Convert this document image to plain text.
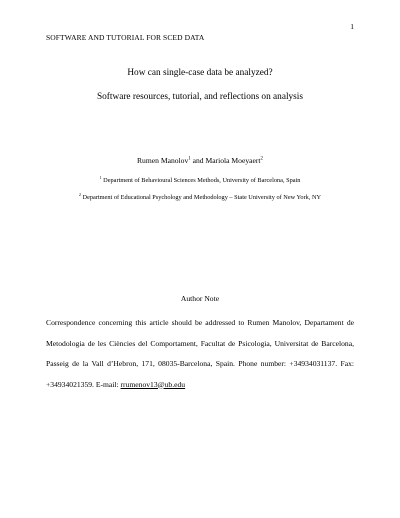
1
SOFTWARE AND TUTORIAL FOR SCED DATA
How can single-case data be analyzed?
Software resources, tutorial, and reflections on analysis
Rumen Manolov$^1$ and Mariola Moeyaert$^2$
$^1$ Department of Behavioural Sciences Methods, University of Barcelona, Spain
$^2$ Department of Educational Psychology and Methodology – State University of New York, NY
Author Note
Correspondence concerning this article should be addressed to Rumen Manolov, Departament de Metodologia de les Ciències del Comportament, Facultat de Psicologia, Universitat de Barcelona, Passeig de la Vall d’Hebron, 171, 08035-Barcelona, Spain. Phone number: +34934031137. Fax: +34934021359. E-mail: rrumenov13@ub.edu
